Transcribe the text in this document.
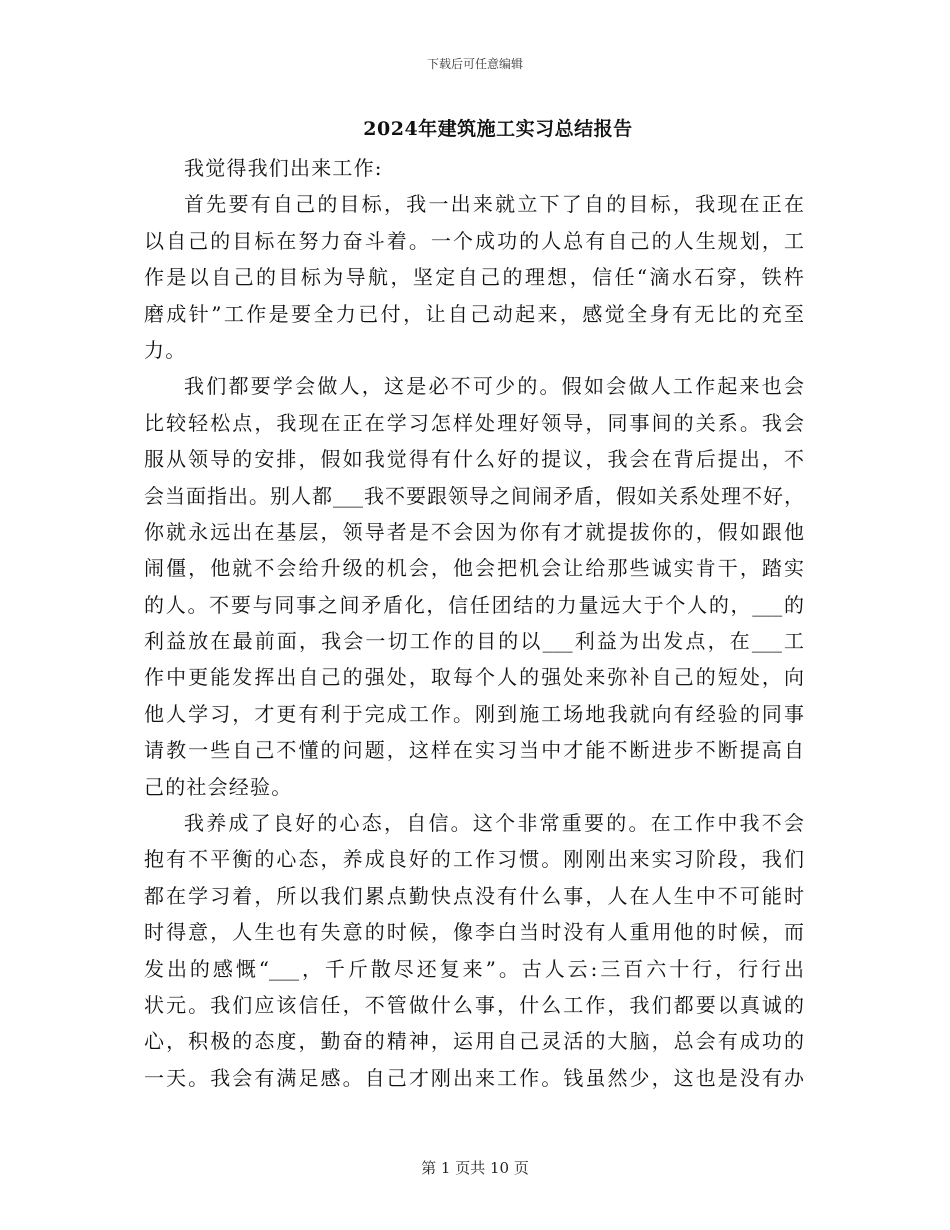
下载后可任意编辑
2024年建筑施工实习总结报告
我觉得我们出来工作:
首先要有自己的目标，我一出来就立下了自的目标，我现在正在
以自己的目标在努力奋斗着。一个成功的人总有自己的人生规划，工
作是以自己的目标为导航，坚定自己的理想，信任“滴水石穿，铁杵
磨成针”工作是要全力已付，让自己动起来，感觉全身有无比的充至
力。
我们都要学会做人，这是必不可少的。假如会做人工作起来也会
比较轻松点，我现在正在学习怎样处理好领导，同事间的关系。我会
服从领导的安排，假如我觉得有什么好的提议，我会在背后提出，不
会当面指出。别人都___我不要跟领导之间闹矛盾，假如关系处理不好，
你就永远出在基层，领导者是不会因为你有才就提拔你的，假如跟他
闹僵，他就不会给升级的机会，他会把机会让给那些诚实肯干，踏实
的人。不要与同事之间矛盾化，信任团结的力量远大于个人的，___的
利益放在最前面，我会一切工作的目的以___利益为出发点，在___工
作中更能发挥出自己的强处，取每个人的强处来弥补自己的短处，向
他人学习，才更有利于完成工作。刚到施工场地我就向有经验的同事
请教一些自己不懂的问题，这样在实习当中才能不断进步不断提高自
己的社会经验。
我养成了良好的心态，自信。这个非常重要的。在工作中我不会
抱有不平衡的心态，养成良好的工作习惯。刚刚出来实习阶段，我们
都在学习着，所以我们累点勤快点没有什么事，人在人生中不可能时
时得意，人生也有失意的时候，像李白当时没有人重用他的时候，而
发出的感慨“___，千斤散尽还复来”。古人云:三百六十行，行行出
状元。我们应该信任，不管做什么事，什么工作，我们都要以真诚的
心，积极的态度，勤奋的精神，运用自己灵活的大脑，总会有成功的
一天。我会有满足感。自己才刚出来工作。钱虽然少，这也是没有办
第 1 页共 10 页
